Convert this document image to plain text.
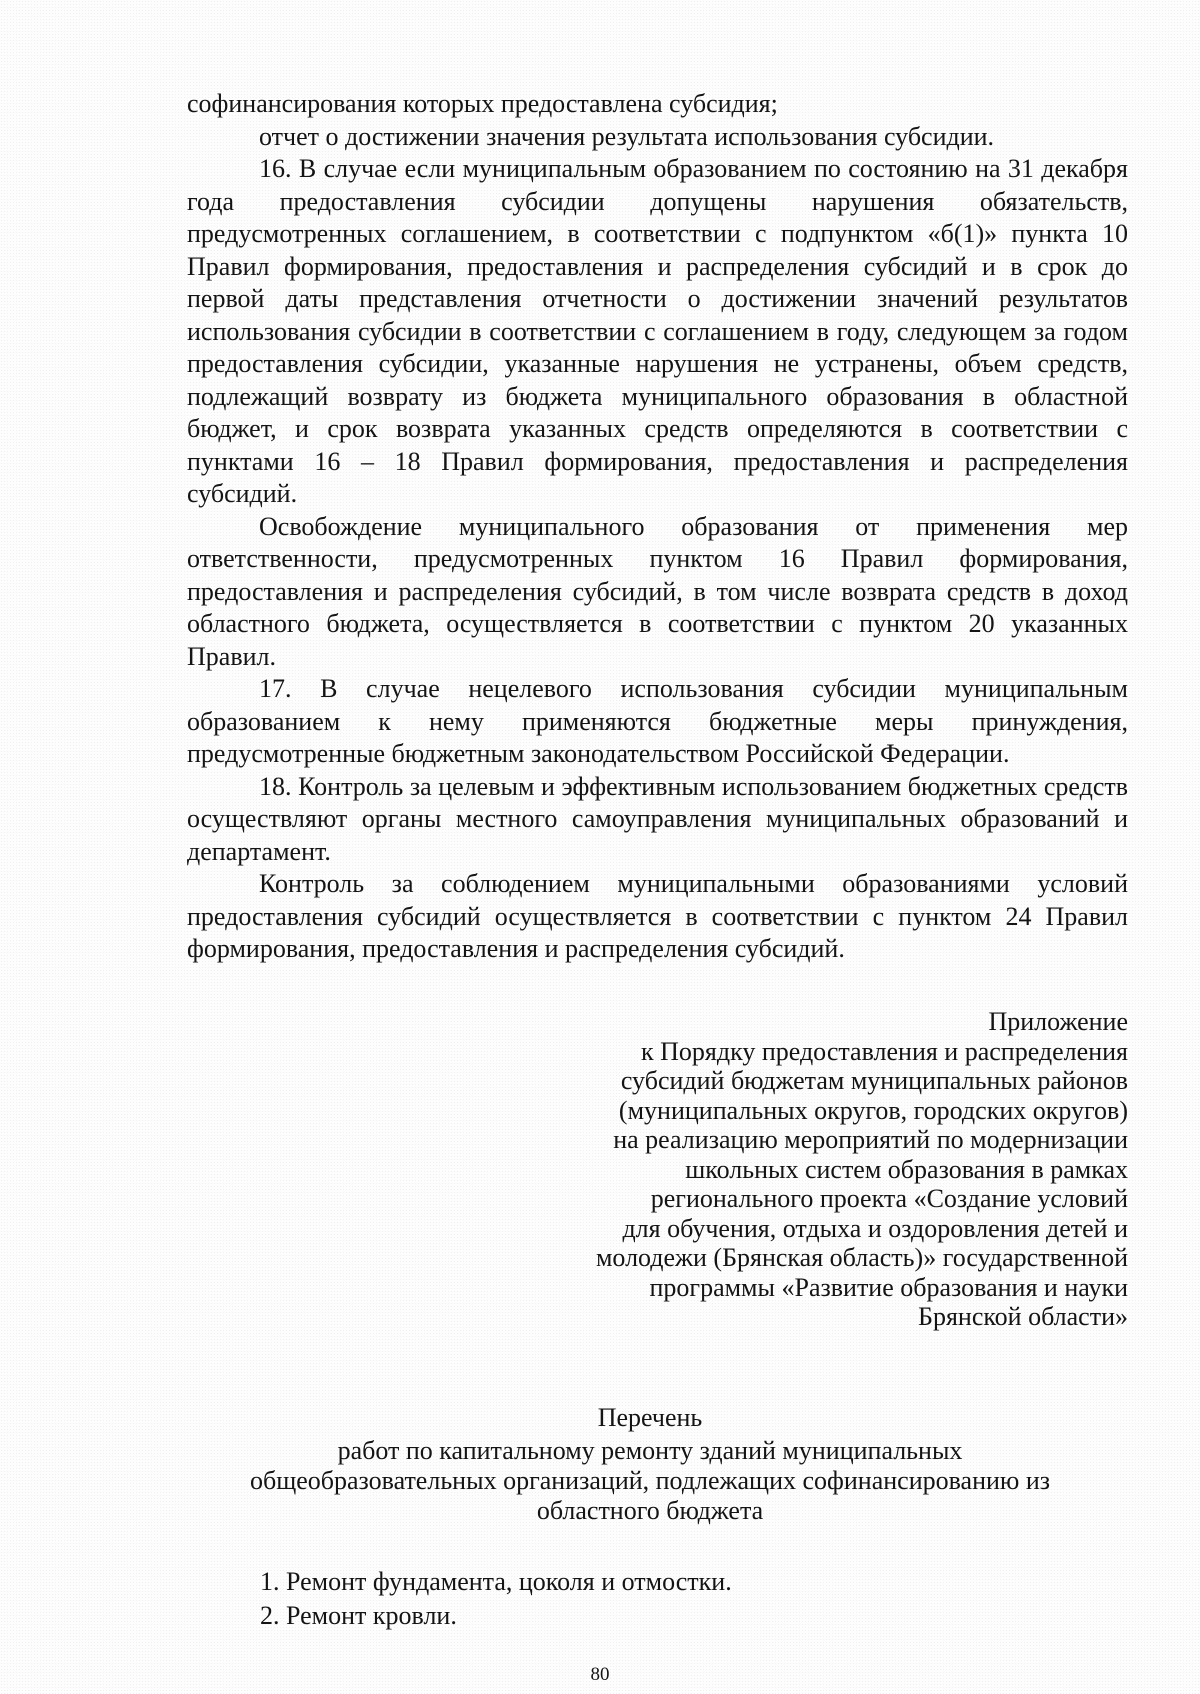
софинансирования которых предоставлена субсидия;

отчет о достижении значения результата использования субсидии.

16. В случае если муниципальным образованием по состоянию на 31 декабря года предоставления субсидии допущены нарушения обязательств, предусмотренных соглашением, в соответствии с подпунктом «б(1)» пункта 10 Правил формирования, предоставления и распределения субсидий и в срок до первой даты представления отчетности о достижении значений результатов использования субсидии в соответствии с соглашением в году, следующем за годом предоставления субсидии, указанные нарушения не устранены, объем средств, подлежащий возврату из бюджета муниципального образования в областной бюджет, и срок возврата указанных средств определяются в соответствии с пунктами 16 – 18 Правил формирования, предоставления и распределения субсидий.

Освобождение муниципального образования от применения мер ответственности, предусмотренных пунктом 16 Правил формирования, предоставления и распределения субсидий, в том числе возврата средств в доход областного бюджета, осуществляется в соответствии с пунктом 20 указанных Правил.

17. В случае нецелевого использования субсидии муниципальным образованием к нему применяются бюджетные меры принуждения, предусмотренные бюджетным законодательством Российской Федерации.

18. Контроль за целевым и эффективным использованием бюджетных средств осуществляют органы местного самоуправления муниципальных образований и департамент.

Контроль за соблюдением муниципальными образованиями условий предоставления субсидий осуществляется в соответствии с пунктом 24 Правил формирования, предоставления и распределения субсидий.

Приложение

к Порядку предоставления и распределения

субсидий бюджетам муниципальных районов

(муниципальных округов, городских округов)

на реализацию мероприятий по модернизации

школьных систем образования в рамках

регионального проекта «Создание условий

для обучения, отдыха и оздоровления детей и

молодежи (Брянская область)» государственной

программы «Развитие образования и науки

Брянской области»

Перечень

работ по капитальному ремонту зданий муниципальных

общеобразовательных организаций, подлежащих софинансированию из

областного бюджета

1. Ремонт фундамента, цоколя и отмостки.
2. Ремонт кровли.
80
